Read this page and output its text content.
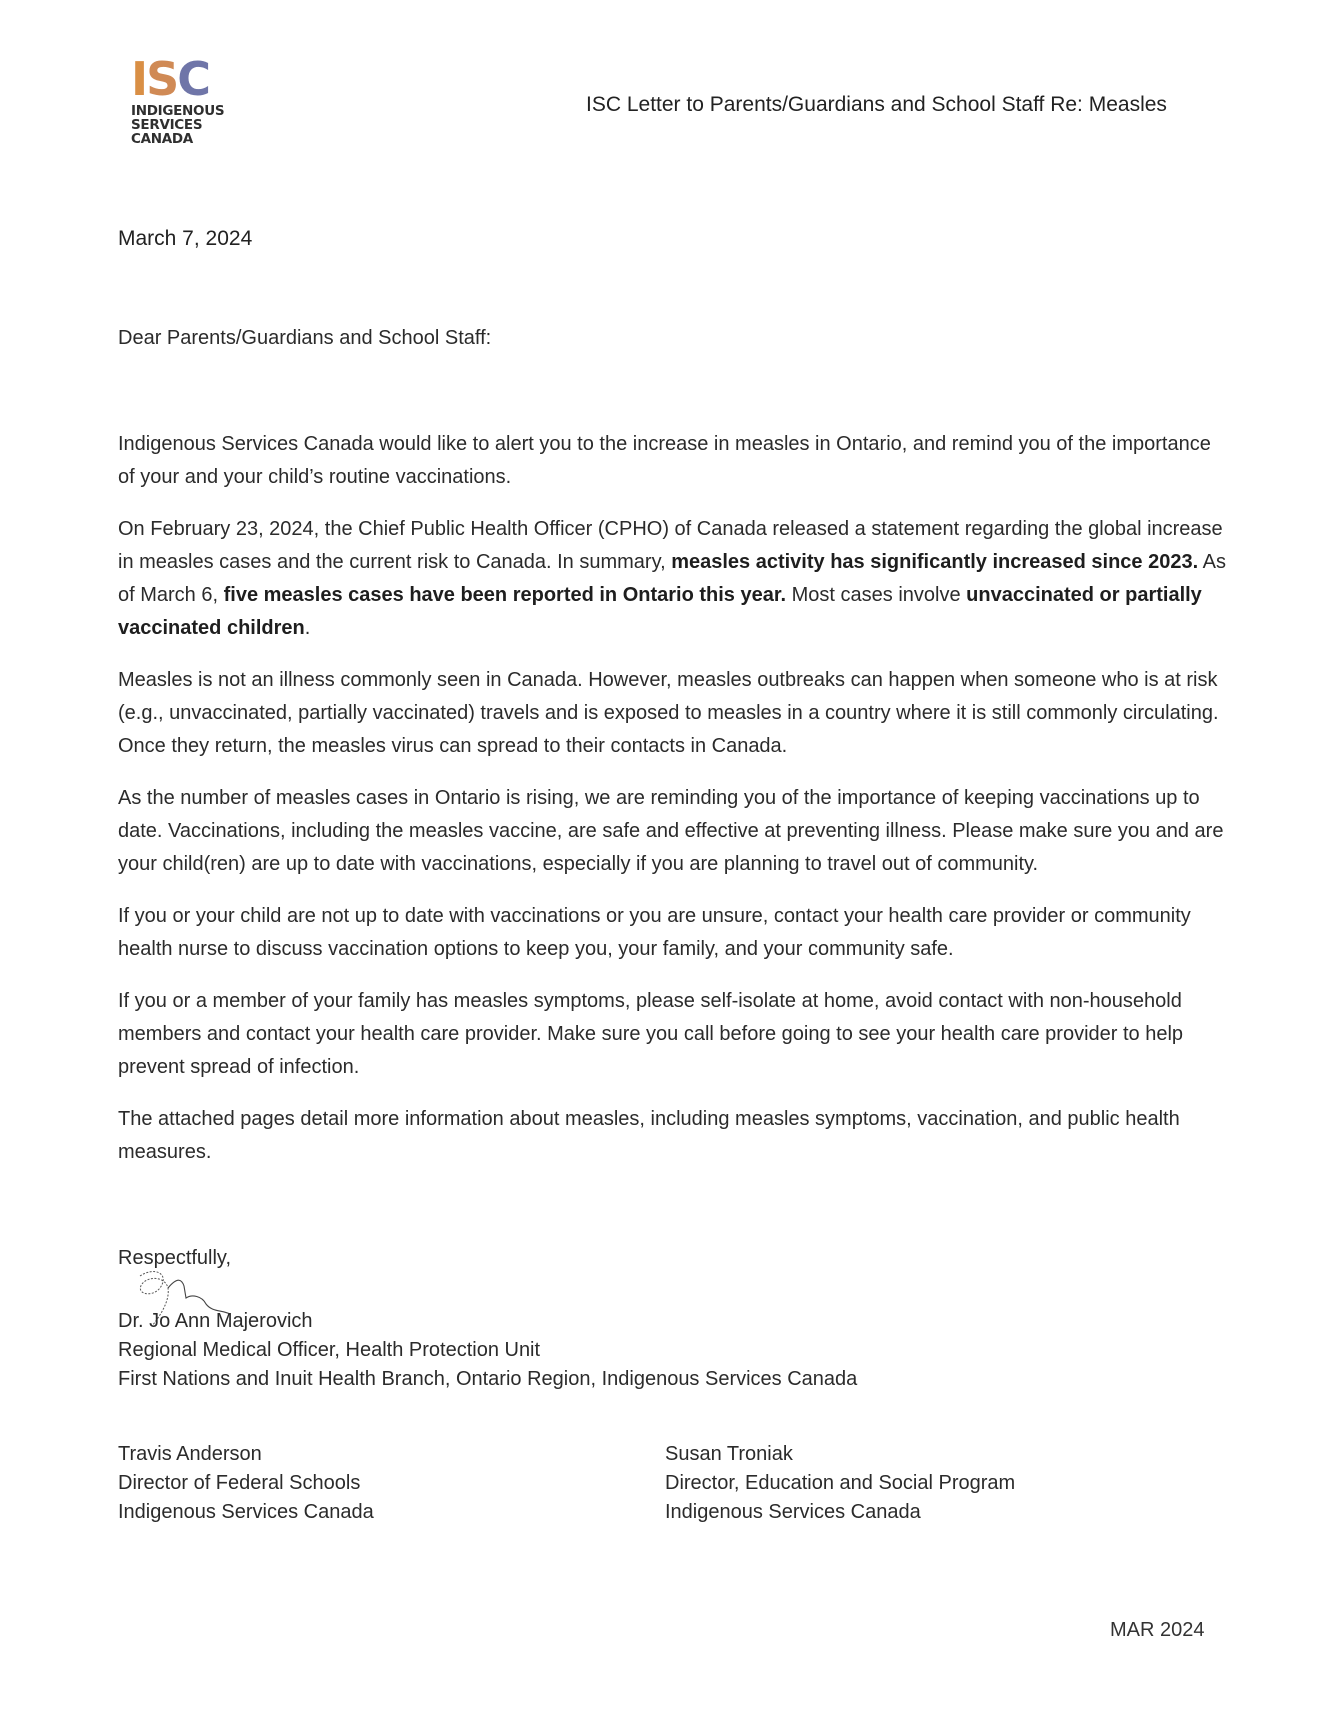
I S C
INDIGENOUS
SERVICES
CANADA
ISC Letter to Parents/Guardians and School Staff Re: Measles
March 7, 2024
Dear Parents/Guardians and School Staff:

Indigenous Services Canada would like to alert you to the increase in measles in Ontario, and remind you of the importance of your and your child’s routine vaccinations.

On February 23, 2024, the Chief Public Health Officer (CPHO) of Canada released a statement regarding the global increase in measles cases and the current risk to Canada. In summary, measles activity has significantly increased since 2023. As of March 6, five measles cases have been reported in Ontario this year. Most cases involve unvaccinated or partially vaccinated children.

Measles is not an illness commonly seen in Canada. However, measles outbreaks can happen when someone who is at risk (e.g., unvaccinated, partially vaccinated) travels and is exposed to measles in a country where it is still commonly circulating. Once they return, the measles virus can spread to their contacts in Canada.

As the number of measles cases in Ontario is rising, we are reminding you of the importance of keeping vaccinations up to date. Vaccinations, including the measles vaccine, are safe and effective at preventing illness. Please make sure you and are your child(ren) are up to date with vaccinations, especially if you are planning to travel out of community.

If you or your child are not up to date with vaccinations or you are unsure, contact your health care provider or community health nurse to discuss vaccination options to keep you, your family, and your community safe.

If you or a member of your family has measles symptoms, please self-isolate at home, avoid contact with non-household members and contact your health care provider. Make sure you call before going to see your health care provider to help prevent spread of infection.

The attached pages detail more information about measles, including measles symptoms, vaccination, and public health measures.

Respectfully,
Dr. Jo Ann Majerovich
Regional Medical Officer, Health Protection Unit
First Nations and Inuit Health Branch, Ontario Region, Indigenous Services Canada
Travis Anderson
Director of Federal Schools
Indigenous Services Canada
Susan Troniak
Director, Education and Social Program
Indigenous Services Canada
MAR 2024
